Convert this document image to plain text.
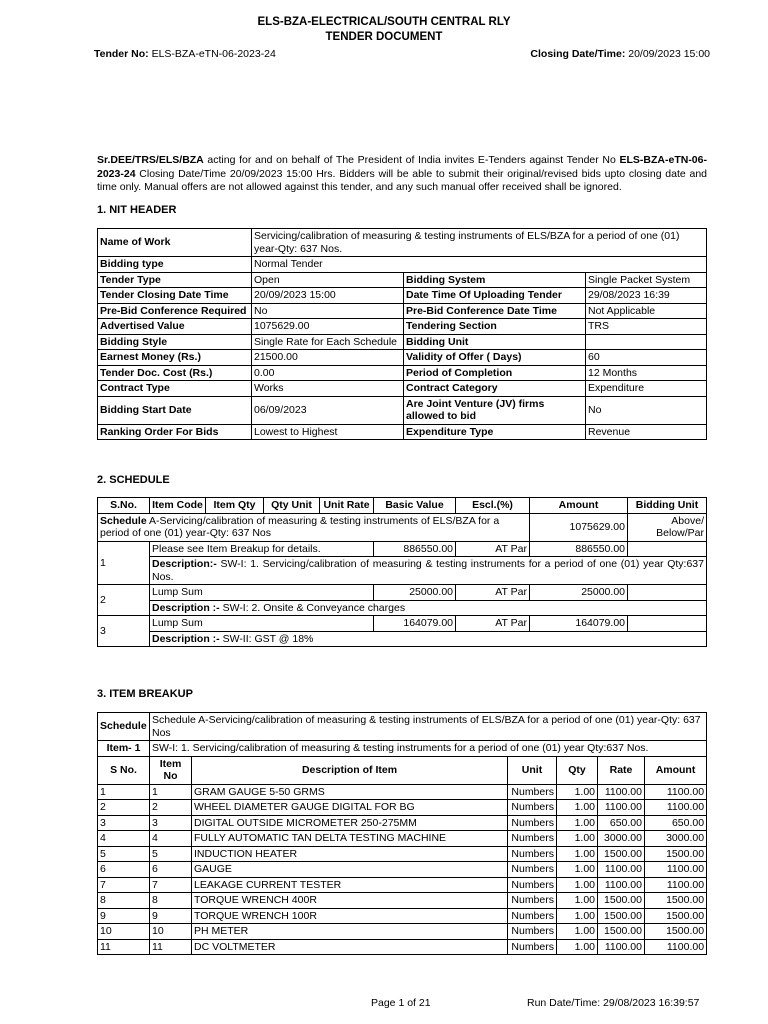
ELS-BZA-ELECTRICAL/SOUTH CENTRAL RLY
TENDER DOCUMENT
Tender No: ELS-BZA-eTN-06-2023-24	Closing Date/Time: 20/09/2023 15:00
Sr.DEE/TRS/ELS/BZA acting for and on behalf of The President of India invites E-Tenders against Tender No ELS-BZA-eTN-06-2023-24 Closing Date/Time 20/09/2023 15:00 Hrs. Bidders will be able to submit their original/revised bids upto closing date and time only. Manual offers are not allowed against this tender, and any such manual offer received shall be ignored.
1. NIT HEADER
Name of Work	Servicing/calibration of measuring & testing instruments of ELS/BZA for a period of one (01) year-Qty: 637 Nos.		
Bidding type	Normal Tender		
Tender Type	Open	Bidding System	Single Packet System
Tender Closing Date Time	20/09/2023 15:00	Date Time Of Uploading Tender	29/08/2023 16:39
Pre-Bid Conference Required	No	Pre-Bid Conference Date Time	Not Applicable
Advertised Value	1075629.00	Tendering Section	TRS
Bidding Style	Single Rate for Each Schedule	Bidding Unit	
Earnest Money (Rs.)	21500.00	Validity of Offer ( Days)	60
Tender Doc. Cost (Rs.)	0.00	Period of Completion	12 Months
Contract Type	Works	Contract Category	Expenditure
Bidding Start Date	06/09/2023	Are Joint Venture (JV) firms allowed to bid	No
Ranking Order For Bids	Lowest to Highest	Expenditure Type	Revenue
2. SCHEDULE
S.No.	Item Code	Item Qty	Qty Unit	Unit Rate	Basic Value	Escl.(%)	Amount	Bidding Unit
Schedule A-Servicing/calibration of measuring & testing instruments of ELS/BZA for a period of one (01) year-Qty: 637 Nos							1075629.00	Above/ Below/Par
1	Please see Item Breakup for details.				886550.00	AT Par	886550.00	
	Description:- SW-I: 1. Servicing/calibration of measuring & testing instruments for a period of one (01) year Qty:637 Nos.							
2	Lump Sum				25000.00	AT Par	25000.00	
	Description :- SW-I: 2. Onsite & Conveyance charges							
3	Lump Sum				164079.00	AT Par	164079.00	
	Description :- SW-II: GST @ 18%							
3. ITEM BREAKUP
Schedule	Schedule A-Servicing/calibration of measuring & testing instruments of ELS/BZA for a period of one (01) year-Qty: 637 Nos					
Item- 1	SW-I: 1. Servicing/calibration of measuring & testing instruments for a period of one (01) year Qty:637 Nos.					
S No.	Item No	Description of Item	Unit	Qty	Rate	Amount
1	1	GRAM GAUGE 5-50 GRMS	Numbers	1.00	1100.00	1100.00
2	2	WHEEL DIAMETER GAUGE DIGITAL FOR BG	Numbers	1.00	1100.00	1100.00
3	3	DIGITAL OUTSIDE MICROMETER 250-275MM	Numbers	1.00	650.00	650.00
4	4	FULLY AUTOMATIC TAN DELTA TESTING MACHINE	Numbers	1.00	3000.00	3000.00
5	5	INDUCTION HEATER	Numbers	1.00	1500.00	1500.00
6	6	GAUGE	Numbers	1.00	1100.00	1100.00
7	7	LEAKAGE CURRENT TESTER	Numbers	1.00	1100.00	1100.00
8	8	TORQUE WRENCH 400R	Numbers	1.00	1500.00	1500.00
9	9	TORQUE WRENCH 100R	Numbers	1.00	1500.00	1500.00
10	10	PH METER	Numbers	1.00	1500.00	1500.00
11	11	DC VOLTMETER	Numbers	1.00	1100.00	1100.00
Page 1 of 21	Run Date/Time: 29/08/2023 16:39:57
